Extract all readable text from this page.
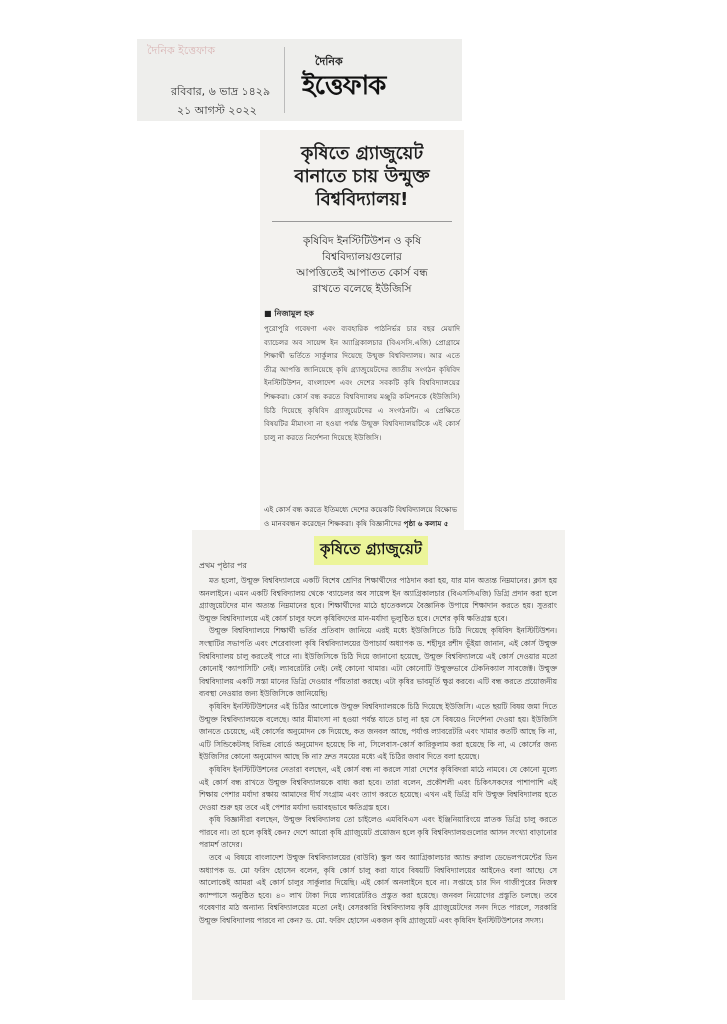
দৈনিক ইত্তেফাক
রবিবার, ৬ ভাদ্র ১৪২৯
২১ আগস্ট ২০২২
দৈনিক
ইত্তেফাক
কৃষিতে গ্র্যাজুয়েট
বানাতে চায় উন্মুক্ত
বিশ্ববিদ্যালয়!
কৃষিবিদ ইনস্টিটিউশন ও কৃষি
বিশ্ববিদ্যালয়গুলোর
আপত্তিতেই আপাতত কোর্স বন্ধ
রাখতে বলেছে ইউজিসি
■ নিজামুল হক
পুরোপুরি গবেষণা এবং ব্যবহারিক পাঠনির্ভর চার বছর মেয়াদি ব্যাচেলর অব সায়েন্স ইন অ্যাগ্রিকালচার (বিএসসি.এজি) প্রোগ্রামে শিক্ষার্থী ভর্তিতে সার্কুলার দিয়েছে উন্মুক্ত বিশ্ববিদ্যালয়। আর এতে তীব্র আপত্তি জানিয়েছে কৃষি গ্র্যাজুয়েটদের জাতীয় সংগঠন কৃষিবিদ ইনস্টিটিউশন, বাংলাদেশ এবং দেশের সবকটি কৃষি বিশ্ববিদ্যালয়ের শিক্ষকরা। কোর্স বন্ধ করতে বিশ্ববিদ্যালয় মঞ্জুরি কমিশনকে (ইউজিসি) চিঠি দিয়েছে কৃষিবিদ গ্র্যাজুয়েটদের এ সংগঠনটি। এ প্রেক্ষিতে বিষয়টির মীমাংসা না হওয়া পর্যন্ত উন্মুক্ত বিশ্ববিদ্যালয়টিকে এই কোর্স চালু না করতে নির্দেশনা দিয়েছে ইউজিসি।
এই কোর্স বন্ধ করতে ইতিমধ্যে দেশের কয়েকটি বিশ্ববিদ্যালয়ে বিক্ষোভ ও মানববন্ধন করেছেন শিক্ষকরা। কৃষি বিজ্ঞানীদের পৃষ্ঠা ৬ কলাম ৫
কৃষিতে গ্র্যাজুয়েট
প্রথম পৃষ্ঠার পর

মত হলো, উন্মুক্ত বিশ্ববিদ্যালয়ে একটি বিশেষ শ্রেণির শিক্ষার্থীদের পাঠদান করা হয়, যার মান অত্যন্ত নিম্নমানের। ক্লাস হয় অনলাইনে। এমন একটি বিশ্ববিদ্যালয় থেকে 'ব্যাচেলর অব সায়েন্স ইন অ্যাগ্রিকালচার (বিএসসিএজি) ডিগ্রি প্রদান করা হলে গ্র্যাজুয়েটদের মান অত্যন্ত নিম্নমানের হবে। শিক্ষার্থীদের মাঠে হাতেকলমে বৈজ্ঞানিক উপায়ে শিক্ষাদান করতে হয়। সুতরাং উন্মুক্ত বিশ্ববিদ্যালয়ে এই কোর্স চালুর ফলে কৃষিবিদদের মান-মর্যাদা ভূলুণ্ঠিত হবে। দেশের কৃষি ক্ষতিগ্রস্ত হবে।

উন্মুক্ত বিশ্ববিদ্যালয়ে শিক্ষার্থী ভর্তির প্রতিবাদ জানিয়ে এরই মধ্যে ইউজিসিতে চিঠি দিয়েছে কৃষিবিদ ইনস্টিটিউশন। সংস্থাটির সভাপতি এবং শেরেবাংলা কৃষি বিশ্ববিদ্যালয়ের উপাচার্য অধ্যাপক ড. শহীদুর রশীদ ভূঁইয়া জানান, এই কোর্স উন্মুক্ত বিশ্ববিদ্যালয় চালু করতেই পারে না। ইউজিসিকে চিঠি দিয়ে জানানো হয়েছে, উন্মুক্ত বিশ্ববিদ্যালয়ে এই কোর্স দেওয়ার মতো কোনোই 'ক্যাপাসিটি' নেই। ল্যাবরেটরি নেই। নেই কোনো খামার। এটা কোনোটি উন্মুক্তভাবে টেকনিক্যাল সাবজেক্ট। উন্মুক্ত বিশ্ববিদ্যালয় একটি সস্তা মানের ডিগ্রি দেওয়ার পাঁয়তারা করছে। এটা কৃষির ভাবমূর্তি ক্ষুণ্ণ করবে। এটি বন্ধ করতে প্রয়োজনীয় ব্যবস্থা নেওয়ার জন্য ইউজিসিকে জানিয়েছি।

কৃষিবিদ ইনস্টিটিউশনের এই চিঠির আলোকে উন্মুক্ত বিশ্ববিদ্যালয়কে চিঠি দিয়েছে ইউজিসি। এতে ছয়টি বিষয় জমা দিতে উন্মুক্ত বিশ্ববিদ্যালয়কে বলেছে। আর মীমাংসা না হওয়া পর্যন্ত যাতে চালু না হয় সে বিষয়েও নির্দেশনা দেওয়া হয়। ইউজিসি জানতে চেয়েছে, এই কোর্সের অনুমোদন কে দিয়েছে, কত জনবল আছে, পর্যাপ্ত ল্যাবরেটরি এবং খামার কতটি আছে কি না, এটি সিন্ডিকেটসহ বিভিন্ন বোর্ডে অনুমোদন হয়েছে কি না, সিলেবাস-কোর্স কারিকুলাম করা হয়েছে কি না, এ কোর্সের জন্য ইউজিসির কোনো অনুমোদন আছে কি না? দ্রুত সময়ের মধ্যে এই চিঠির জবাব দিতে বলা হয়েছে।

কৃষিবিদ ইনস্টিটিউশনের নেতারা বলছেন, এই কোর্স বন্ধ না করলে সারা দেশের কৃষিবিদরা মাঠে নামবে। যে কোনো মূল্যে এই কোর্স বন্ধ রাখতে উন্মুক্ত বিশ্ববিদ্যালয়কে বাধ্য করা হবে। তারা বলেন, প্রকৌশলী এবং চিকিৎসকদের পাশাপাশি এই শিক্ষায় পেশার মর্যাদা রক্ষায় আমাদের দীর্ঘ সংগ্রাম এবং ত্যাগ করতে হয়েছে। এখন এই ডিগ্রি যদি উন্মুক্ত বিশ্ববিদ্যালয় হতে দেওয়া শুরু হয় তবে এই পেশার মর্যাদা ভয়াবহভাবে ক্ষতিগ্রস্ত হবে।

কৃষি বিজ্ঞানীরা বলছেন, উন্মুক্ত বিশ্ববিদ্যালয় তো চাইলেও এমবিবিএস এবং ইঞ্জিনিয়ারিংয়ে স্নাতক ডিগ্রি চালু করতে পারবে না। তা হলে কৃষিই কেন? দেশে আরো কৃষি গ্র্যাজুয়েট প্রয়োজন হলে কৃষি বিশ্ববিদ্যালয়গুলোর আসন সংখ্যা বাড়ানোর পরামর্শ তাদের।

তবে এ বিষয়ে বাংলাদেশ উন্মুক্ত বিশ্ববিদ্যালয়ের (বাউবি) স্কুল অব অ্যাগ্রিকালচার অ্যান্ড রুরাল ডেভেলপমেন্টের ডিন অধ্যাপক ড. মো ফরিদ হোসেন বলেন, কৃষি কোর্স চালু করা যাবে বিষয়টি বিশ্ববিদ্যালয়ের আইনেও বলা আছে। সে আলোকেই আমরা এই কোর্স চালুর সার্কুলার দিয়েছি। এই কোর্স অনলাইনে হবে না। সপ্তাহে চার দিন গাজীপুরের নিজস্ব ক্যাম্পাসে অনুষ্ঠিত হবে। ৪০ লাখ টাকা দিয়ে ল্যাবরেটরিও প্রস্তুত করা হয়েছে। জনবল নিয়োগের প্রস্তুতি চলছে। তবে গবেষণার মাঠ অন্যান্য বিশ্ববিদ্যালয়ের মতো নেই। বেসরকারি বিশ্ববিদ্যালয় কৃষি গ্র্যাজুয়েটদের সনদ দিতে পারলে, সরকারি উন্মুক্ত বিশ্ববিদ্যালয় পারবে না কেন? ড. মো. ফরিদ হোসেন একজন কৃষি গ্র্যাজুয়েট এবং কৃষিবিদ ইনস্টিটিউশনের সদস্য।
